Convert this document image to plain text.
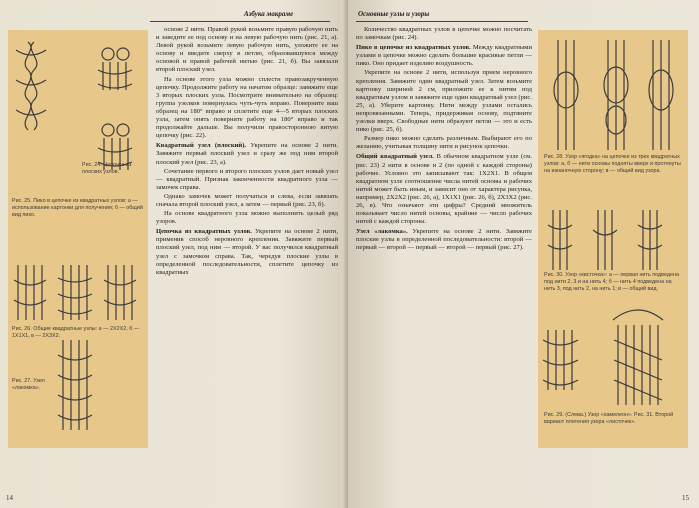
Азбука макраме
Рис. 24. Цепочка из плоских узлов.
Рис. 25. Пико в цепочке из квадратных узлов: а — использование картонки для получения; б — общий вид пико.
Рис. 26. Общие квадратные узлы: а — 2Х2Х2, б — 1Х1Х1, в — 2Х3Х2.
Рис. 27. Узел «лакомка».

основе 2 нити. Правой рукой возьмите правую рабочую нить и заведите ее под основу и на левую рабочую нить (рис. 21, а). Левой рукой возьмите левую рабочую нить, уложите ее на основу и введите сверху в петлю, образовавшуюся между основой и правой рабочей нитью (рис. 21, б). Вы завязали второй плоский узел.

На основе этого узла можно сплести правозакрученную цепочку. Продолжите работу на начатом образце: завяжите еще 3 вторых плоских узла. Посмотрите внимательно на образец: группа узелков повернулась чуть-чуть вправо. Поверните ваш образец на 180° вправо и сплетите еще 4—5 вторых плоских узла, затем опять поверните работу на 180° вправо и так продолжайте дальше. Вы получили правосторонною витую цепочку (рис. 22).

Квадратный узел (плоский). Укрепите на основе 2 нити. Завяжите первый плоский узел и сразу же под ним второй плоский узел (рис. 23, а).

Сочетание первого и второго плоских узлов дает новый узел — квадратный. Признак законченности квадратного узла — замочек справа.

Однако замочек может получаться и слева, если завязать сначала второй плоский узел, а затем — первый (рис. 23, б).

На основе квадратного узла можно выполнить целый ряд узоров.

Цепочка из квадратных узлов. Укрепите на основе 2 нити, применив способ неровного крепления. Завяжите первый плоский узел, под ним — второй. У вас получился квадратный узел с замочком справа. Так, чередуя плоские узлы в определенной последовательности, сплетите цепочку из квадратных

14
Основные узлы и узоры

Количество квадратных узлов в цепочке можно посчитать по замочкам (рис. 24).

Пико в цепочке из квадратных узлов. Между квадратными узлами в цепочке можно сделать большие красивые петли — пико. Оно придает изделию воздушность.

Укрепите на основе 2 нити, используя прием неровного крепления. Завяжите один квадратный узел. Затем возьмите картонку шириной 2 см, приложите ее к нитям под квадратным узлом и завяжите еще один квадратный узел (рис. 25, а). Уберите картонку. Нити между узлами остались непровязанными. Теперь, придерживая основу, подтяните узелки вверх. Свободные нити образуют петли — это и есть пико (рис. 25, б).

Размер пико можно сделать различным. Выбирают его по желанию, учитывая толщину нити и рисунок цепочки.

Общий квадратный узел. В обычном квадратном узле (см. рис. 23) 2 нити в основе и 2 (по одной с каждой стороны) рабочие. Условно это записывают так: 1Х2Х1. В общем квадратном узле соотношение числа нитей основы и рабочих нитей может быть иным, и зависит оно от характера рисунка, например, 2Х2Х2 (рис. 26, а), 1Х1Х1 (рис. 26, б), 2Х3Х2 (рис. 26, в). Что означают эти цифры? Средний множитель показывает число нитей основы, крайние — число рабочих нитей с каждой стороны.

Узел «лакомка». Укрепите на основе 2 нити. Завяжите плоские узлы в определенной последовательности: второй — первый — второй — первый — второй — первый (рис. 27).

Рис. 28. Узор «ягодка» на цепочке из трех квадратных узлов: а, б — нити основы подняты вверх и протянуты на изнаночную сторону; в — общий вид узора.
Рис. 30. Узор «кисточка»: а — первая нить подведена под нити 2, 3 и на нить 4; б — нить 4 подведена на нить 3, под нить 2, на нить 1; в — общий вид.
Рис. 29. (Слева.) Узор «хамелеон». Рис. 31. Второй вариант плетения узора «листочек».
15
